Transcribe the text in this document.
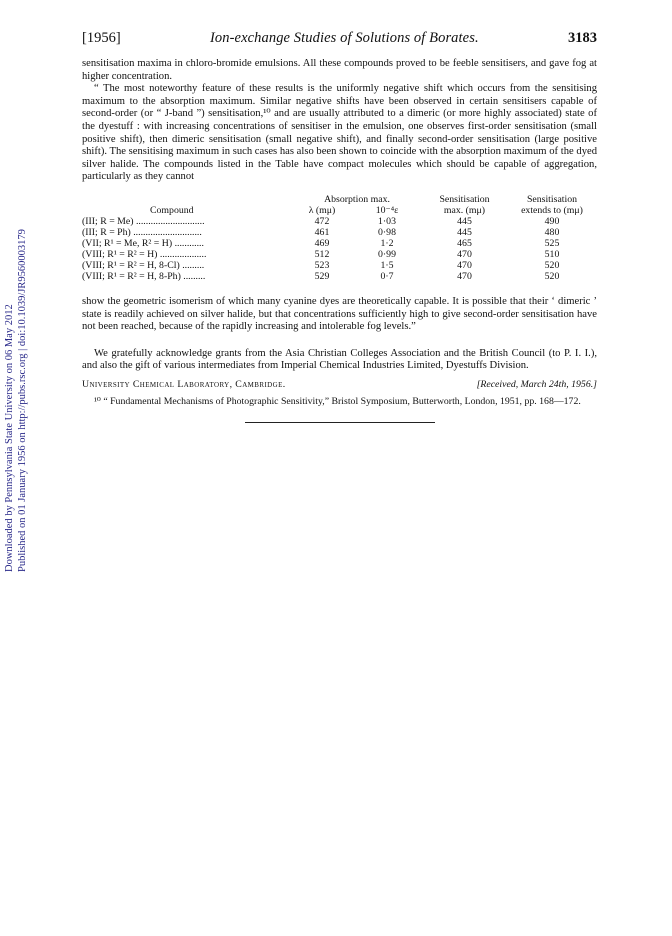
Downloaded by Pennsylvania State University on 06 May 2012 Published on 01 January 1956 on http://pubs.rsc.org | doi:10.1039/JR9560003179
[1956]	Ion-exchange Studies of Solutions of Borates.	3183

sensitisation maxima in chloro-bromide emulsions. All these compounds proved to be feeble sensitisers, and gave fog at higher concentration.

“ The most noteworthy feature of these results is the uniformly negative shift which occurs from the sensitising maximum to the absorption maximum. Similar negative shifts have been observed in certain sensitisers capable of second-order (or “ J-band ”) sensitisation,¹⁰ and are usually attributed to a dimeric (or more highly associated) state of the dyestuff : with increasing concentrations of sensitiser in the emulsion, one observes first-order sensitisation (small positive shift), then dimeric sensitisation (small negative shift), and finally second-order sensitisation (large positive shift). The sensitising maximum in such cases has also been shown to coincide with the absorption maximum of the dyed silver halide. The compounds listed in the Table have compact molecules which should be capable of aggregation, particularly as they cannot

	Absorption max.		Sensitisation	Sensitisation
Compound	λ (mμ)	10⁻⁴ε	max. (mμ)	extends to (mμ)
(III; R = Me) ............................	472	1·03	445	490
(III; R = Ph) ............................	461	0·98	445	480
(VII; R¹ = Me, R² = H) ............	469	1·2	465	525
(VIII; R¹ = R² = H) ...................	512	0·99	470	510
(VIII; R¹ = R² = H, 8-Cl) .........	523	1·5	470	520
(VIII; R¹ = R² = H, 8-Ph) .........	529	0·7	470	520

show the geometric isomerism of which many cyanine dyes are theoretically capable. It is possible that their ‘ dimeric ’ state is readily achieved on silver halide, but that concentrations sufficiently high to give second-order sensitisation have not been reached, because of the rapidly increasing and intolerable fog levels.”

We gratefully acknowledge grants from the Asia Christian Colleges Association and the British Council (to P. I. I.), and also the gift of various intermediates from Imperial Chemical Industries Limited, Dyestuffs Division.

University Chemical Laboratory, Cambridge.	[Received, March 24th, 1956.]

¹⁰ “ Fundamental Mechanisms of Photographic Sensitivity,” Bristol Symposium, Butterworth, London, 1951, pp. 168—172.
